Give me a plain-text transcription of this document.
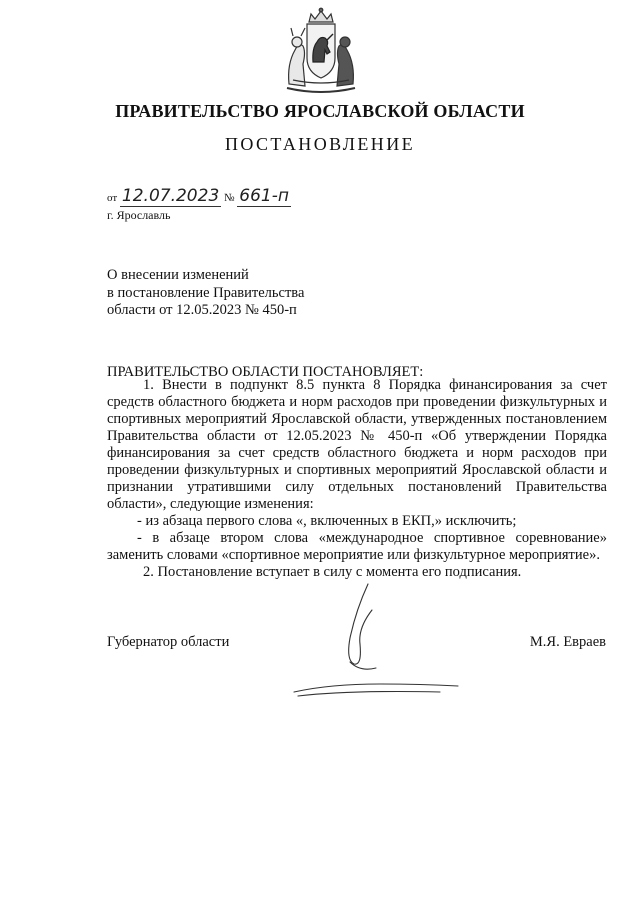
ПРАВИТЕЛЬСТВО ЯРОСЛАВСКОЙ ОБЛАСТИ
ПОСТАНОВЛЕНИЕ
от 12.07.2023 № 661-п
г. Ярославль
О внесении изменений
в постановление Правительства
области от 12.05.2023 № 450-п
ПРАВИТЕЛЬСТВО ОБЛАСТИ ПОСТАНОВЛЯЕТ:

1. Внести в подпункт 8.5 пункта 8 Порядка финансирования за счет средств областного бюджета и норм расходов при проведении физкультурных и спортивных мероприятий Ярославской области, утвержденных постановлением Правительства области от 12.05.2023 № 450-п «Об утверждении Порядка финансирования за счет средств областного бюджета и норм расходов при проведении физкультурных и спортивных мероприятий Ярославской области и признании утратившими силу отдельных постановлений Правительства области», следующие изменения:

- из абзаца первого слова «, включенных в ЕКП,» исключить;

- в абзаце втором слова «международное спортивное соревнование» заменить словами «спортивное мероприятие или физкультурное мероприятие».

2. Постановление вступает в силу с момента его подписания.

Губернатор области	М.Я. Евраев
